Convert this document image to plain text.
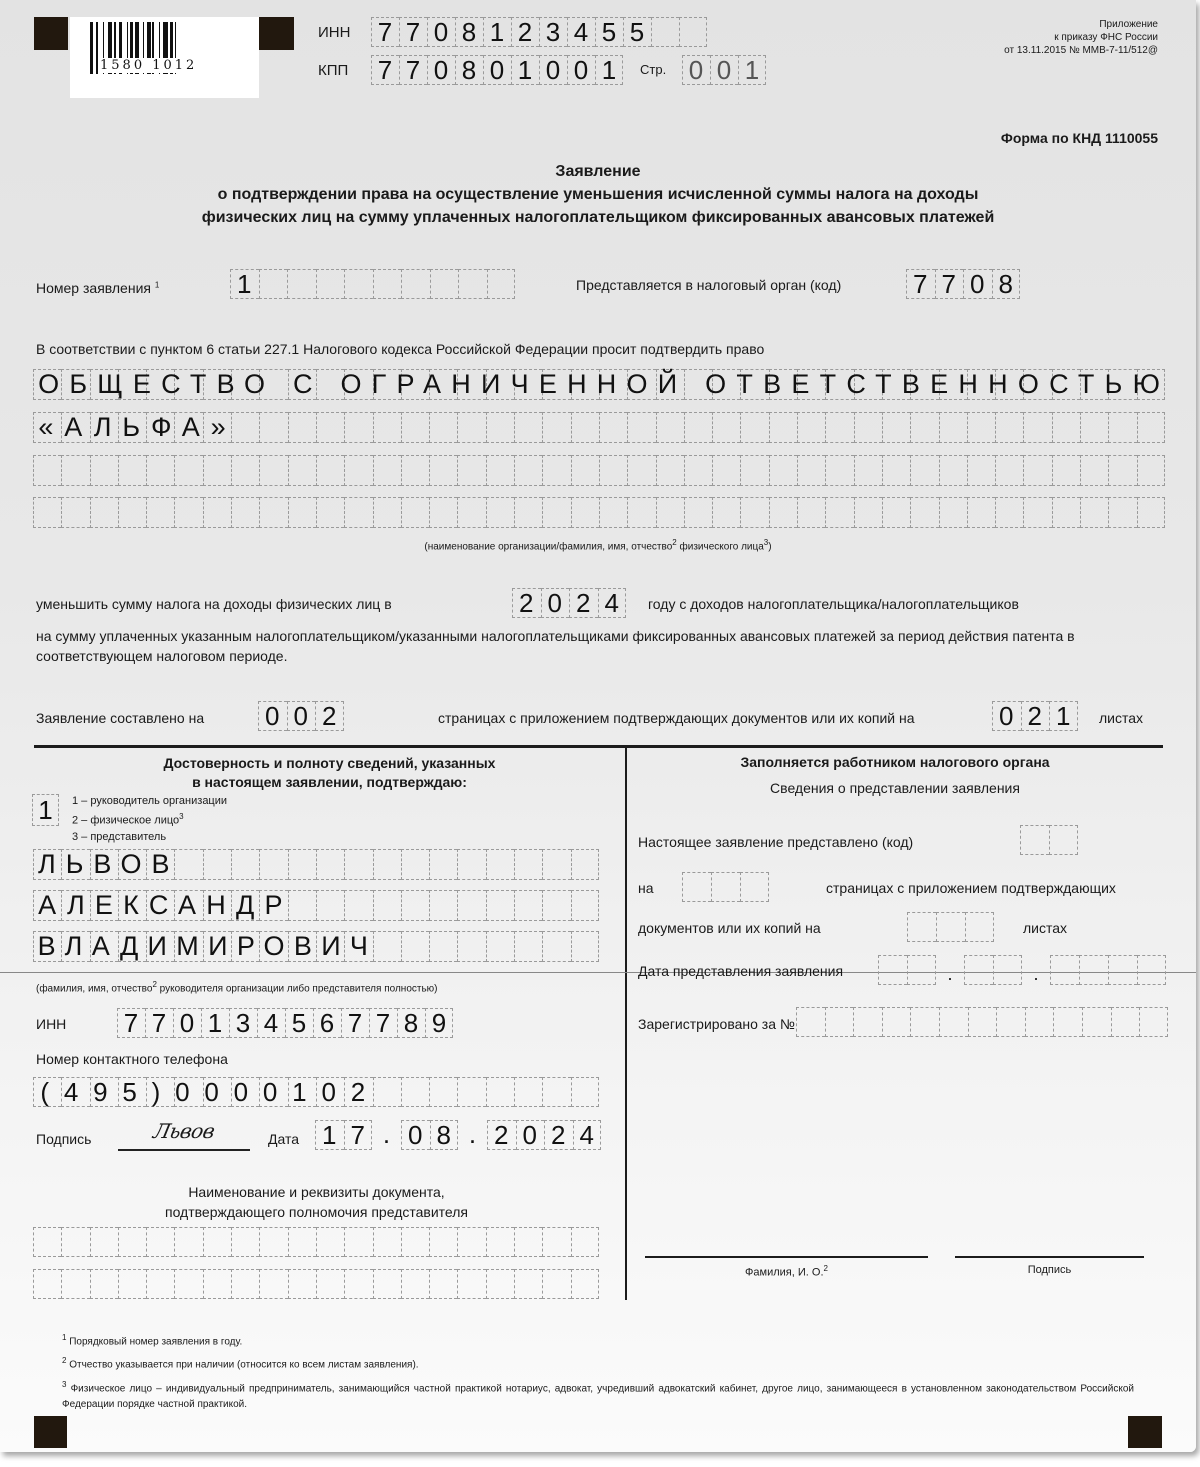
1580 1012
ИНН 7708123455
КПП 770801001 Стр. 001
Приложение
к приказу ФНС России
от 13.11.2015 № ММВ-7-11/512@
Форма по КНД 1110055
Заявление
о подтверждении права на осуществление уменьшения исчисленной суммы налога на доходы
физических лиц на сумму уплаченных налогоплательщиком фиксированных авансовых платежей
Номер заявления $^1$	1	Представляется в налоговый орган (код)	7708
В соответствии с пунктом 6 статьи 227.1 Налогового кодекса Российской Федерации просит подтвердить право
ОБЩЕСТВО С ОГРАНИЧЕННОЙ ОТВЕТСТВЕННОСТЬЮ
«АЛЬФА»
(наименование организации/фамилия, имя, отчество$^2$ физического лица$^3$)
уменьшить сумму налога на доходы физических лиц в	2024 году с доходов налогоплательщика/налогоплательщиков
на сумму уплаченных указанным налогоплательщиком/указанными налогоплательщиками фиксированных авансовых платежей за период действия патента в
соответствующем налоговом периоде.
Заявление составлено на 002	страницах с приложением подтверждающих документов или их копий на	021 листах
Достоверность и полноту сведений, указанных
в настоящем заявлении, подтверждаю:
1 1 – руководитель организации
2 – физическое лицо$^3$
3 – представитель
ЛЬВОВ
АЛЕКСАНДР
ВЛАДИМИРОВИЧ
(фамилия, имя, отчество$^2$ руководителя организации либо представителя полностью)
ИНН 770134567789
Номер контактного телефона
(495)0000102
Подпись	Львов	Дата 17 . 08 . 2024
Наименование и реквизиты документа,
подтверждающего полномочия представителя
Заполняется работником налогового органа
Сведения о представлении заявления
Настоящее заявление представлено (код)
на	страницах с приложением подтверждающих
документов или их копий на	листах
Дата представления заявления	.	.
Зарегистрировано за №
Фамилия, И. О.$^2$	Подпись
$^1$ Порядковый номер заявления в году.
$^2$ Отчество указывается при наличии (относится ко всем листам заявления).
$^3$ Физическое лицо – индивидуальный предприниматель, занимающийся частной практикой нотариус, адвокат, учредивший адвокатский кабинет, другое лицо, занимающееся в установленном законодательством Российской Федерации порядке частной практикой.
